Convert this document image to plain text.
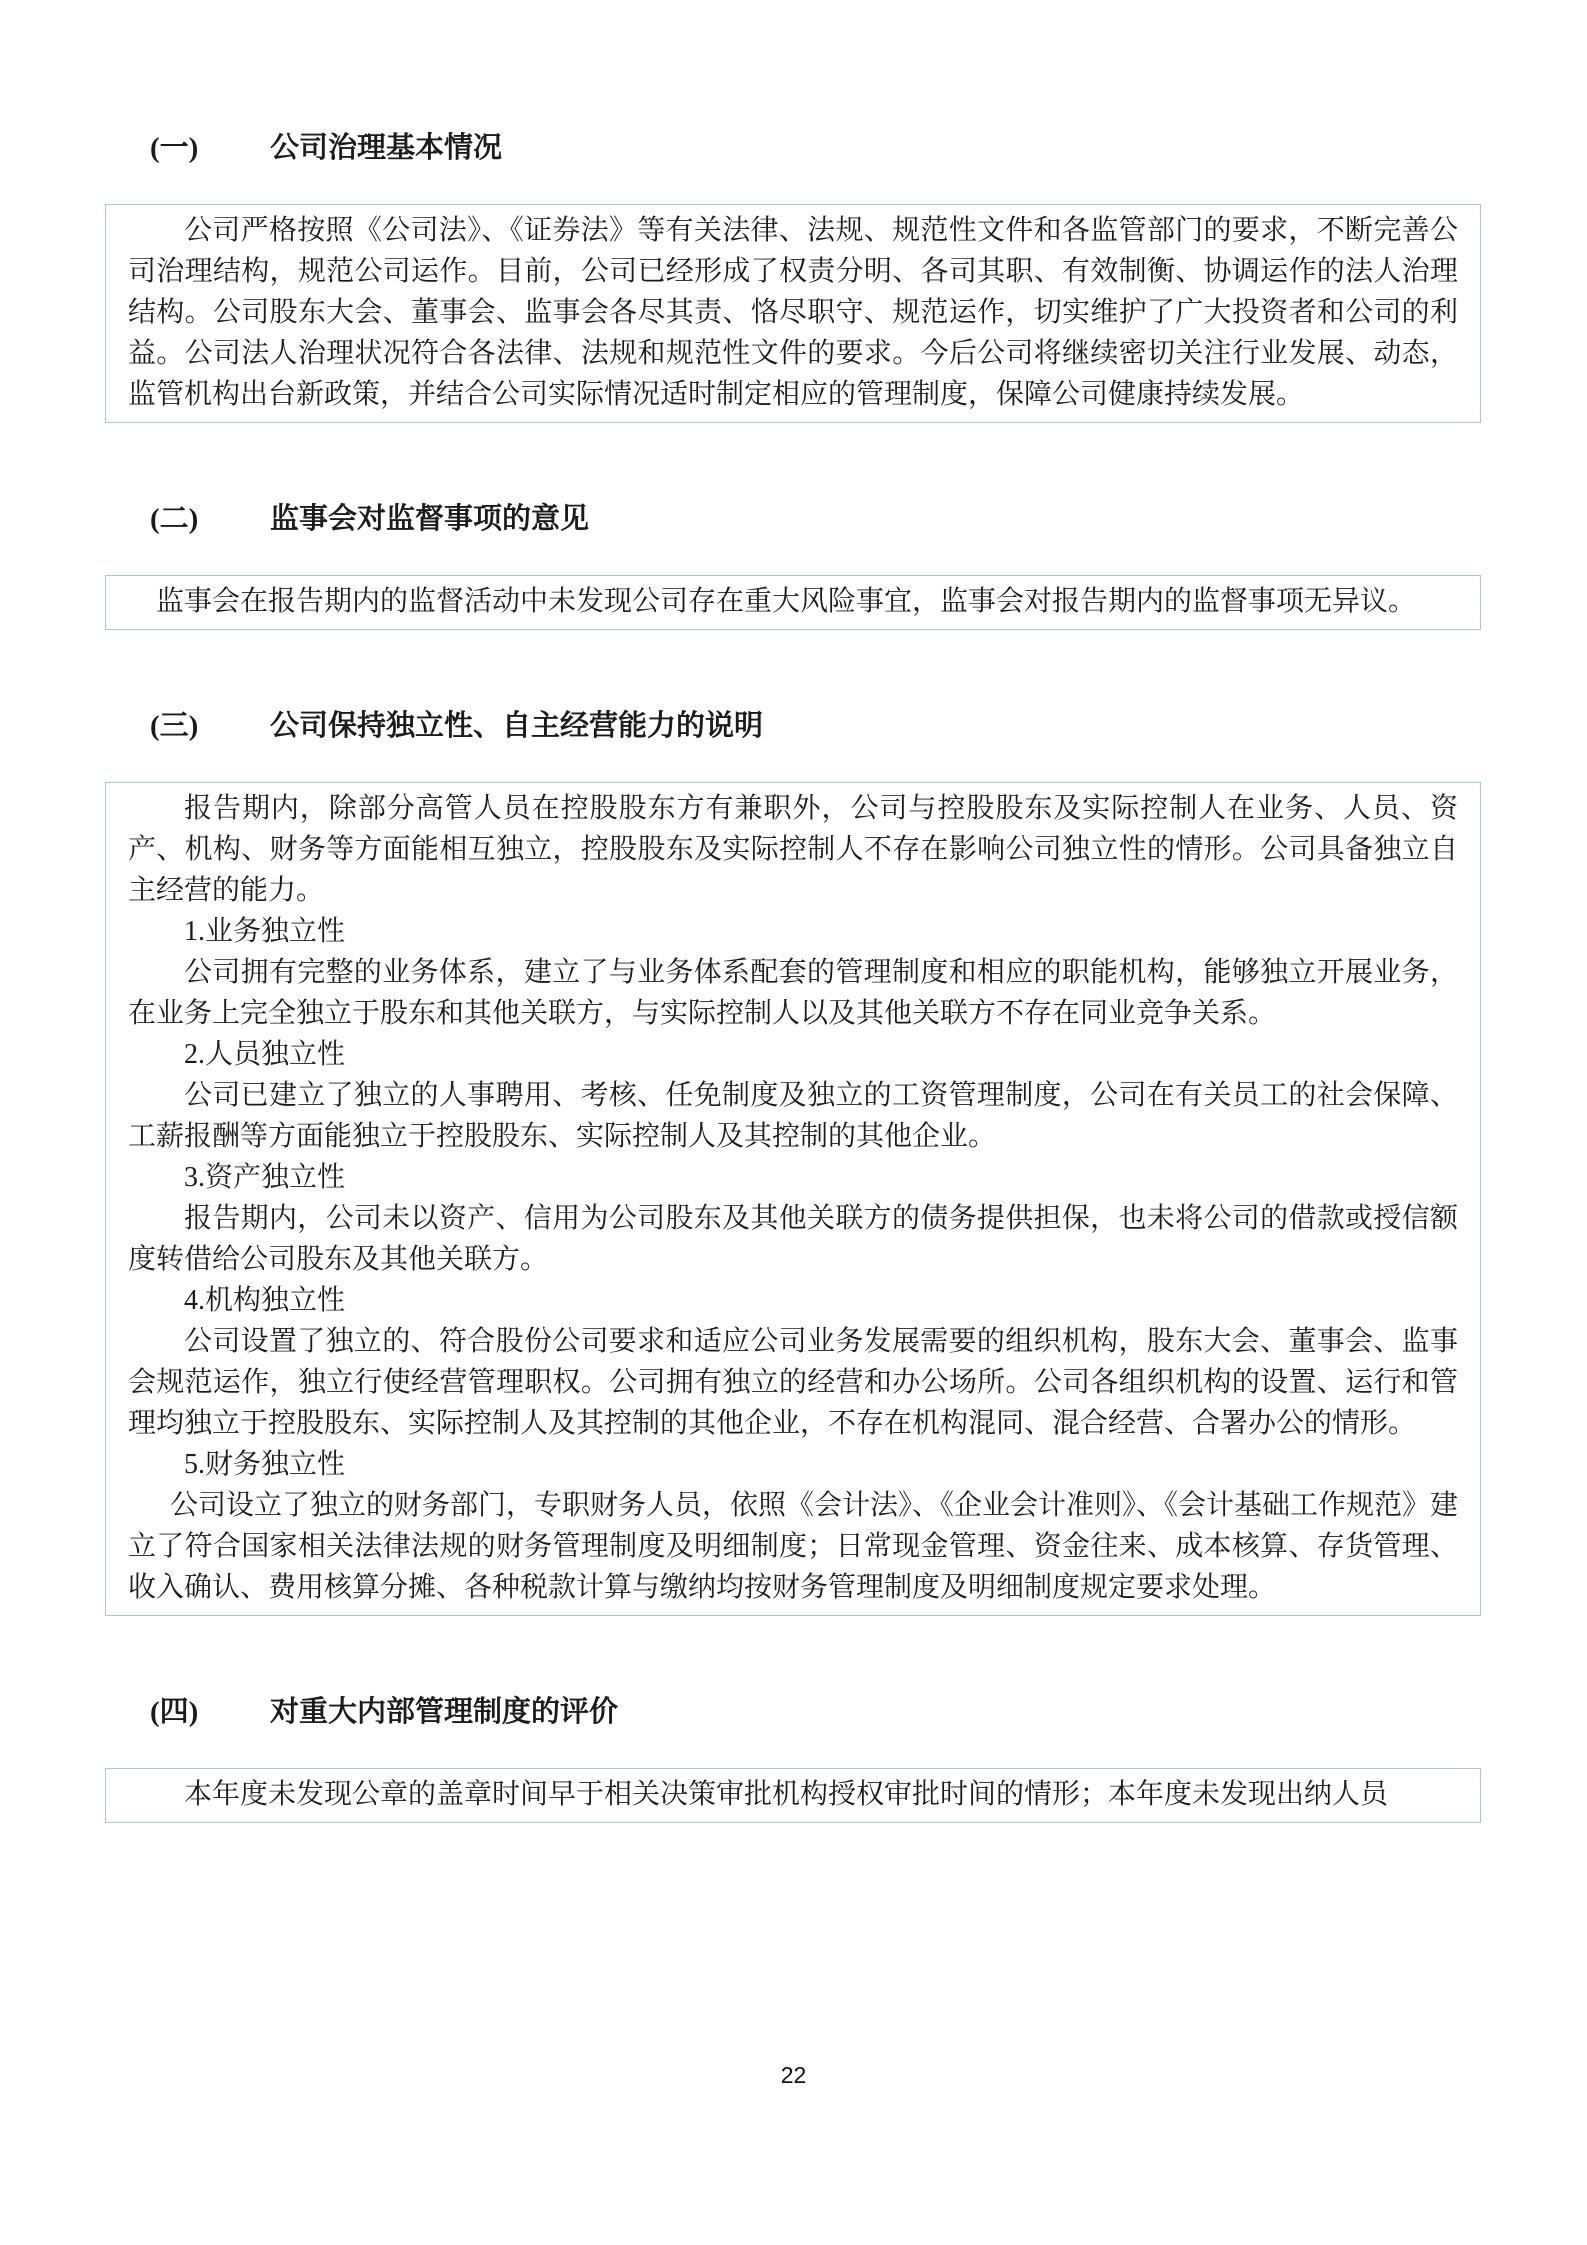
(一)	公司治理基本情况

公司严格按照《公司法》、《证券法》等有关法律、法规、规范性文件和各监管部门的要求，不断完善公司治理结构，规范公司运作。目前，公司已经形成了权责分明、各司其职、有效制衡、协调运作的法人治理结构。公司股东大会、董事会、监事会各尽其责、恪尽职守、规范运作，切实维护了广大投资者和公司的利益。公司法人治理状况符合各法律、法规和规范性文件的要求。今后公司将继续密切关注行业发展、动态，监管机构出台新政策，并结合公司实际情况适时制定相应的管理制度，保障公司健康持续发展。

(二)	监事会对监督事项的意见

监事会在报告期内的监督活动中未发现公司存在重大风险事宜，监事会对报告期内的监督事项无异议。

(三)	公司保持独立性、自主经营能力的说明

报告期内，除部分高管人员在控股股东方有兼职外，公司与控股股东及实际控制人在业务、人员、资产、机构、财务等方面能相互独立，控股股东及实际控制人不存在影响公司独立性的情形。公司具备独立自主经营的能力。

1.业务独立性

公司拥有完整的业务体系，建立了与业务体系配套的管理制度和相应的职能机构，能够独立开展业务，在业务上完全独立于股东和其他关联方，与实际控制人以及其他关联方不存在同业竞争关系。

2.人员独立性

公司已建立了独立的人事聘用、考核、任免制度及独立的工资管理制度，公司在有关员工的社会保障、工薪报酬等方面能独立于控股股东、实际控制人及其控制的其他企业。

3.资产独立性

报告期内，公司未以资产、信用为公司股东及其他关联方的债务提供担保，也未将公司的借款或授信额度转借给公司股东及其他关联方。

4.机构独立性

公司设置了独立的、符合股份公司要求和适应公司业务发展需要的组织机构，股东大会、董事会、监事会规范运作，独立行使经营管理职权。公司拥有独立的经营和办公场所。公司各组织机构的设置、运行和管理均独立于控股股东、实际控制人及其控制的其他企业，不存在机构混同、混合经营、合署办公的情形。

5.财务独立性

公司设立了独立的财务部门，专职财务人员，依照《会计法》、《企业会计准则》、《会计基础工作规范》建立了符合国家相关法律法规的财务管理制度及明细制度；日常现金管理、资金往来、成本核算、存货管理、收入确认、费用核算分摊、各种税款计算与缴纳均按财务管理制度及明细制度规定要求处理。

(四)	对重大内部管理制度的评价

本年度未发现公章的盖章时间早于相关决策审批机构授权审批时间的情形；本年度未发现出纳人员

22
